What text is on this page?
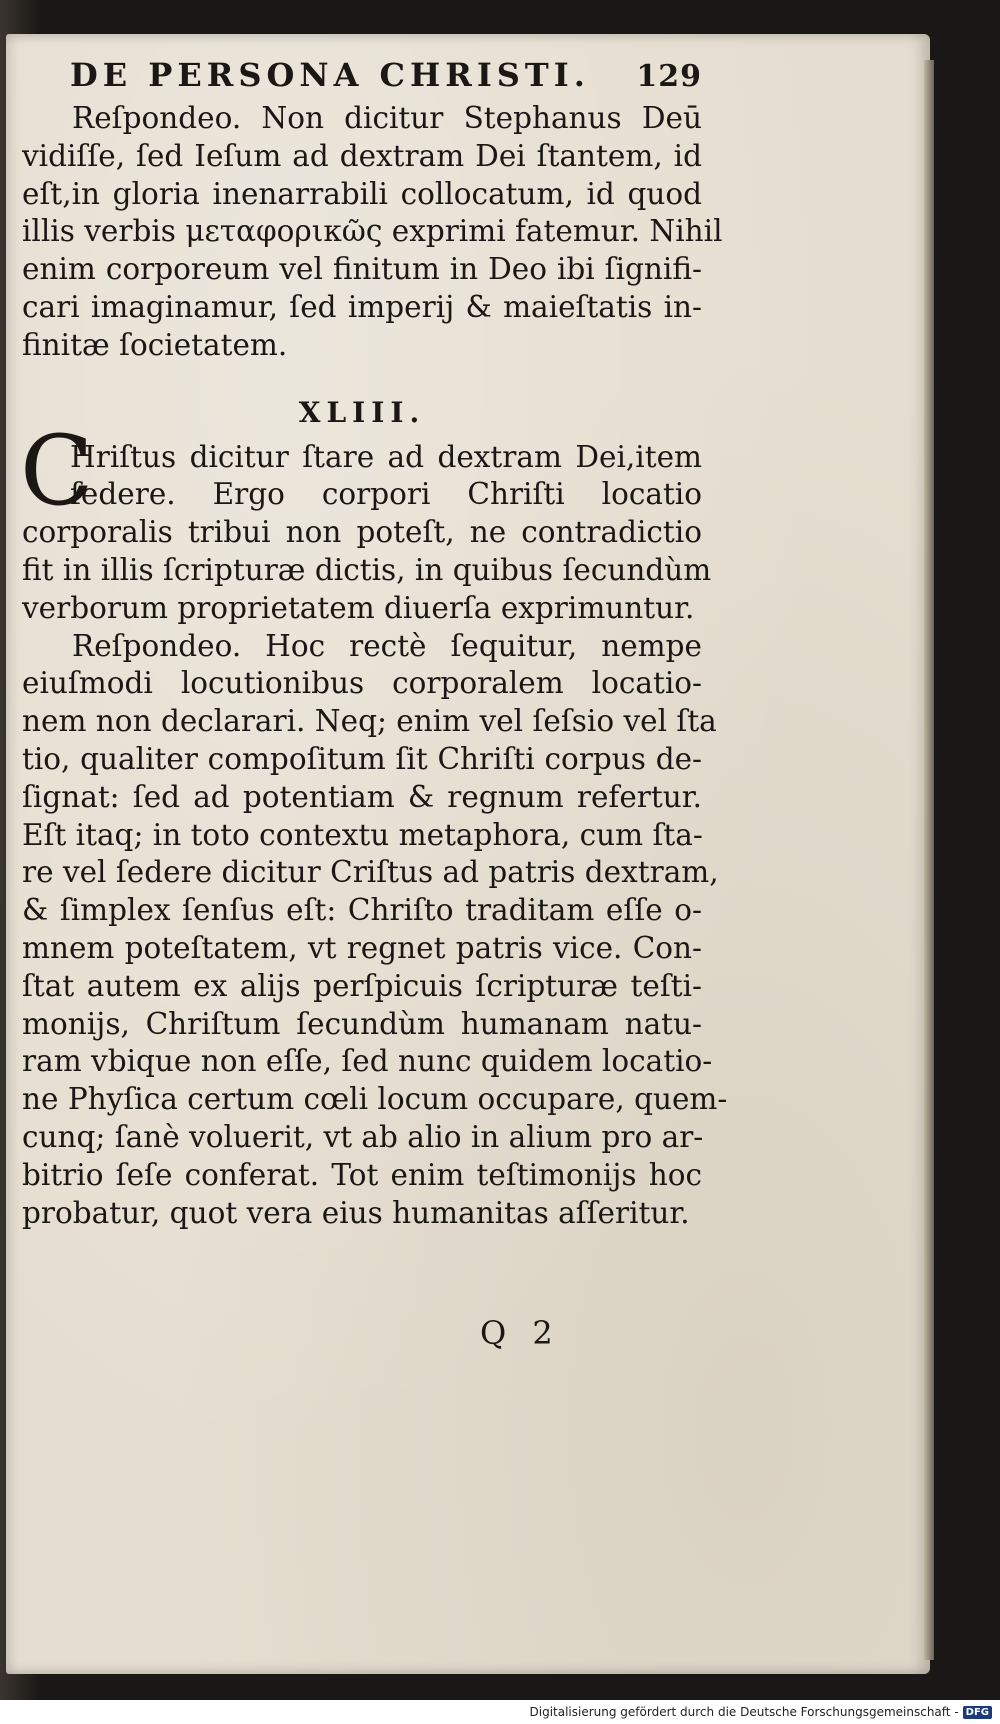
DE PERSONA CHRISTI. 129
Reſpondeo. Non dicitur Stephanus Deū
vidiſſe, ſed Ieſum ad dextram Dei ſtantem, id
eſt,in gloria inenarrabili collocatum, id quod
illis verbis μεταφορικῶς exprimi fatemur. Nihil
enim corporeum vel finitum in Deo ibi ſignifi-
cari imaginamur, ſed imperij & maieſtatis in-
finitæ ſocietatem.
XLIII.
C
Hriſtus dicitur ſtare ad dextram Dei,item
ſedere. Ergo corpori Chriſti locatio
corporalis tribui non poteſt, ne contradictio
fit in illis ſcripturæ dictis, in quibus ſecundùm
verborum proprietatem diuerſa exprimuntur.
Reſpondeo. Hoc rectè ſequitur, nempe
eiuſmodi locutionibus corporalem locatio-
nem non declarari. Neq; enim vel ſeſsio vel ſta
tio, qualiter compoſitum ſit Chriſti corpus de-
ſignat: ſed ad potentiam & regnum refertur.
Eſt itaq; in toto contextu metaphora, cum ſta-
re vel ſedere dicitur Criſtus ad patris dextram,
& ſimplex ſenſus eſt: Chriſto traditam eſſe o-
mnem poteſtatem, vt regnet patris vice. Con-
ſtat autem ex alijs perſpicuis ſcripturæ teſti-
monijs, Chriſtum ſecundùm humanam natu-
ram vbique non eſſe, ſed nunc quidem locatio-
ne Phyſica certum cœli locum occupare, quem-
cunq; ſanè voluerit, vt ab alio in alium pro ar-
bitrio ſeſe conferat. Tot enim teſtimonijs hoc
probatur, quot vera eius humanitas aſſeritur.
Q 2
Digitalisierung gefördert durch die Deutsche Forschungsgemeinschaft - DFG
